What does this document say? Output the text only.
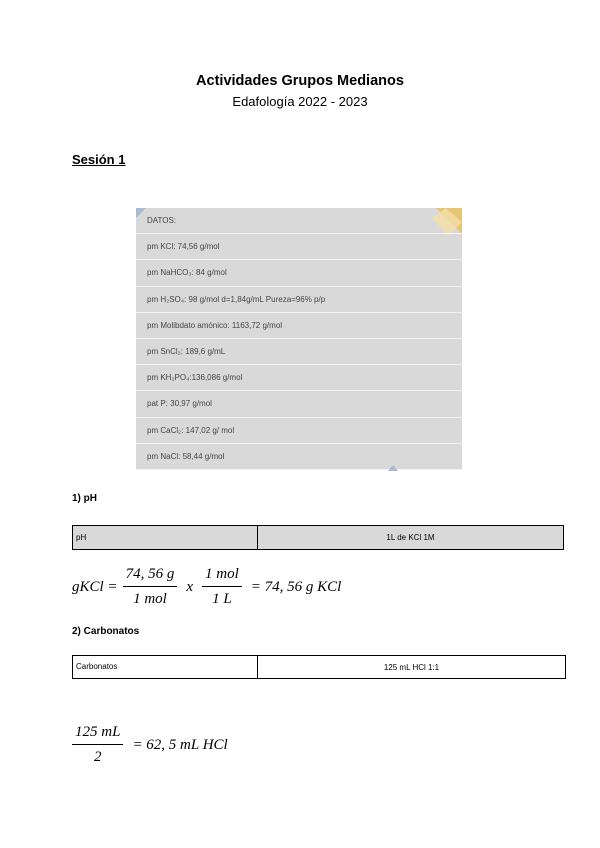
Actividades Grupos Medianos
Edafología 2022 - 2023
Sesión 1
DATOS:
pm KCl: 74,56 g/mol
pm NaHCO₃: 84 g/mol
pm H₂SO₄: 98 g/mol d=1,84g/mL Pureza=96% p/p
pm Molibdato amónico: 1163,72 g/mol
pm SnCl₂: 189,6 g/mL
pm KH₂PO₄:136,086 g/mol
pat P: 30,97 g/mol
pm CaCl₂: 147,02 g/ mol
pm NaCl: 58,44 g/mol
1) pH
pH	1L de KCl 1M
gKCl = $\frac{74, 56 g}{\text{1 mol}}$ x $\frac{\text{1 mol}}{1 L} = 74$, 56 g KCl
2) Carbonatos
Carbonatos	125 mL HCl 1:1
$\frac{125 mL}{2} = 62$, 5 mL HCl
